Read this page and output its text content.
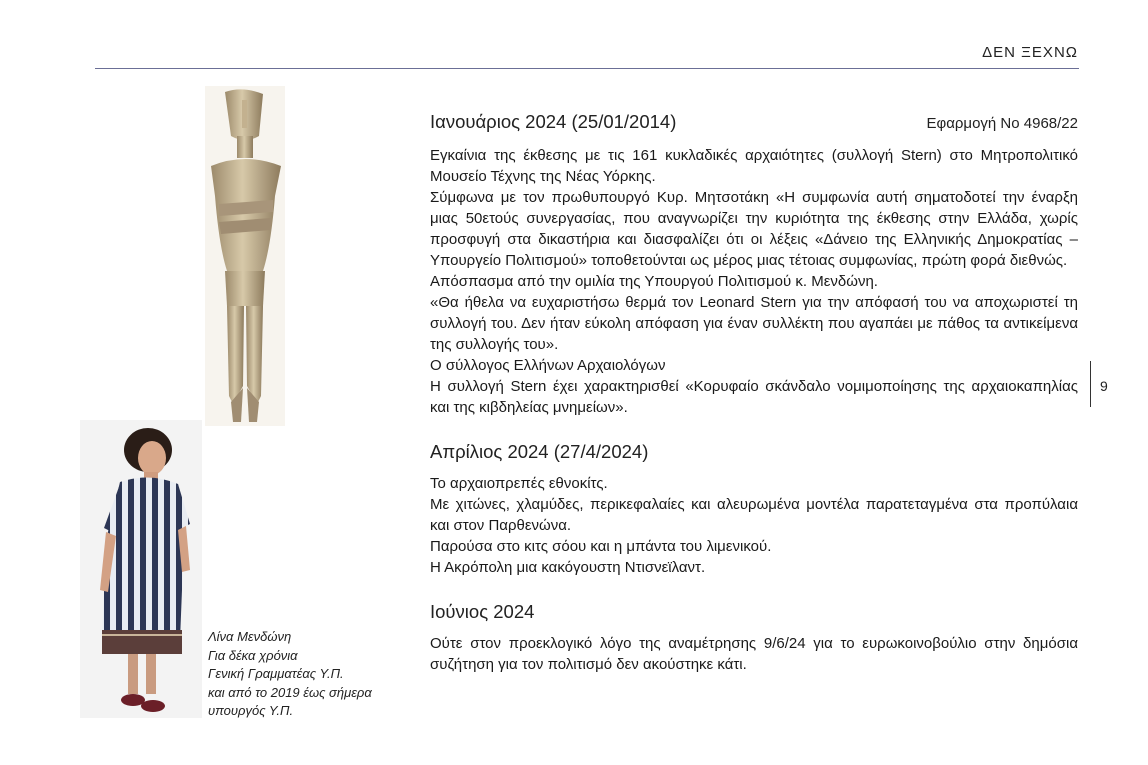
ΔΕΝ ΞΕΧΝΩ
Λίνα Μενδώνη
Για δέκα χρόνια
Γενική Γραμματέας Υ.Π.
και από το 2019 έως σήμερα
υπουργός Υ.Π.
Ιανουάριος 2024 (25/01/2014)	Εφαρμογή Νο 4968/22
Εγκαίνια της έκθεσης με τις 161 κυκλαδικές αρχαιότητες (συλλογή Stern) στο Μητροπολιτικό Μουσείο Τέχνης της Νέας Υόρκης.
Σύμφωνα με τον πρωθυπουργό Κυρ. Μητσοτάκη «Η συμφωνία αυτή σηματοδοτεί την έναρξη μιας 50ετούς συνεργασίας, που αναγνωρίζει την κυριότητα της έκθεσης στην Ελλάδα, χωρίς προσφυγή στα δικαστήρια και διασφαλίζει ότι οι λέξεις «Δάνειο της Ελληνικής Δημοκρατίας – Υπουργείο Πολιτισμού» τοποθετούνται ως μέρος μιας τέτοιας συμφωνίας, πρώτη φορά διεθνώς.
Απόσπασμα από την ομιλία της Υπουργού Πολιτισμού κ. Μενδώνη.
«Θα ήθελα να ευχαριστήσω θερμά τον Leonard Stern για την απόφασή του να αποχωριστεί τη συλλογή του. Δεν ήταν εύκολη απόφαση για έναν συλλέκτη που αγαπάει με πάθος τα αντικείμενα της συλλογής του».
Ο σύλλογος Ελλήνων Αρχαιολόγων
Η συλλογή Stern έχει χαρακτηρισθεί «Κορυφαίο σκάνδαλο νομιμοποίησης της αρχαιοκαπηλίας και της κιβδηλείας μνημείων».
Απρίλιος 2024 (27/4/2024)
Το αρχαιοπρεπές εθνοκίτς.
Με χιτώνες, χλαμύδες, περικεφαλαίες και αλευρωμένα μοντέλα παρατεταγμένα στα προπύλαια και στον Παρθενώνα.
Παρούσα στο κιτς σόου και η μπάντα του λιμενικού.
Η Ακρόπολη μια κακόγουστη Ντισνεϊλαντ.
Ιούνιος 2024
Ούτε στον προεκλογικό λόγο της αναμέτρησης 9/6/24 για το ευρωκοινοβούλιο στην δημόσια συζήτηση για τον πολιτισμό δεν ακούστηκε κάτι.
9
